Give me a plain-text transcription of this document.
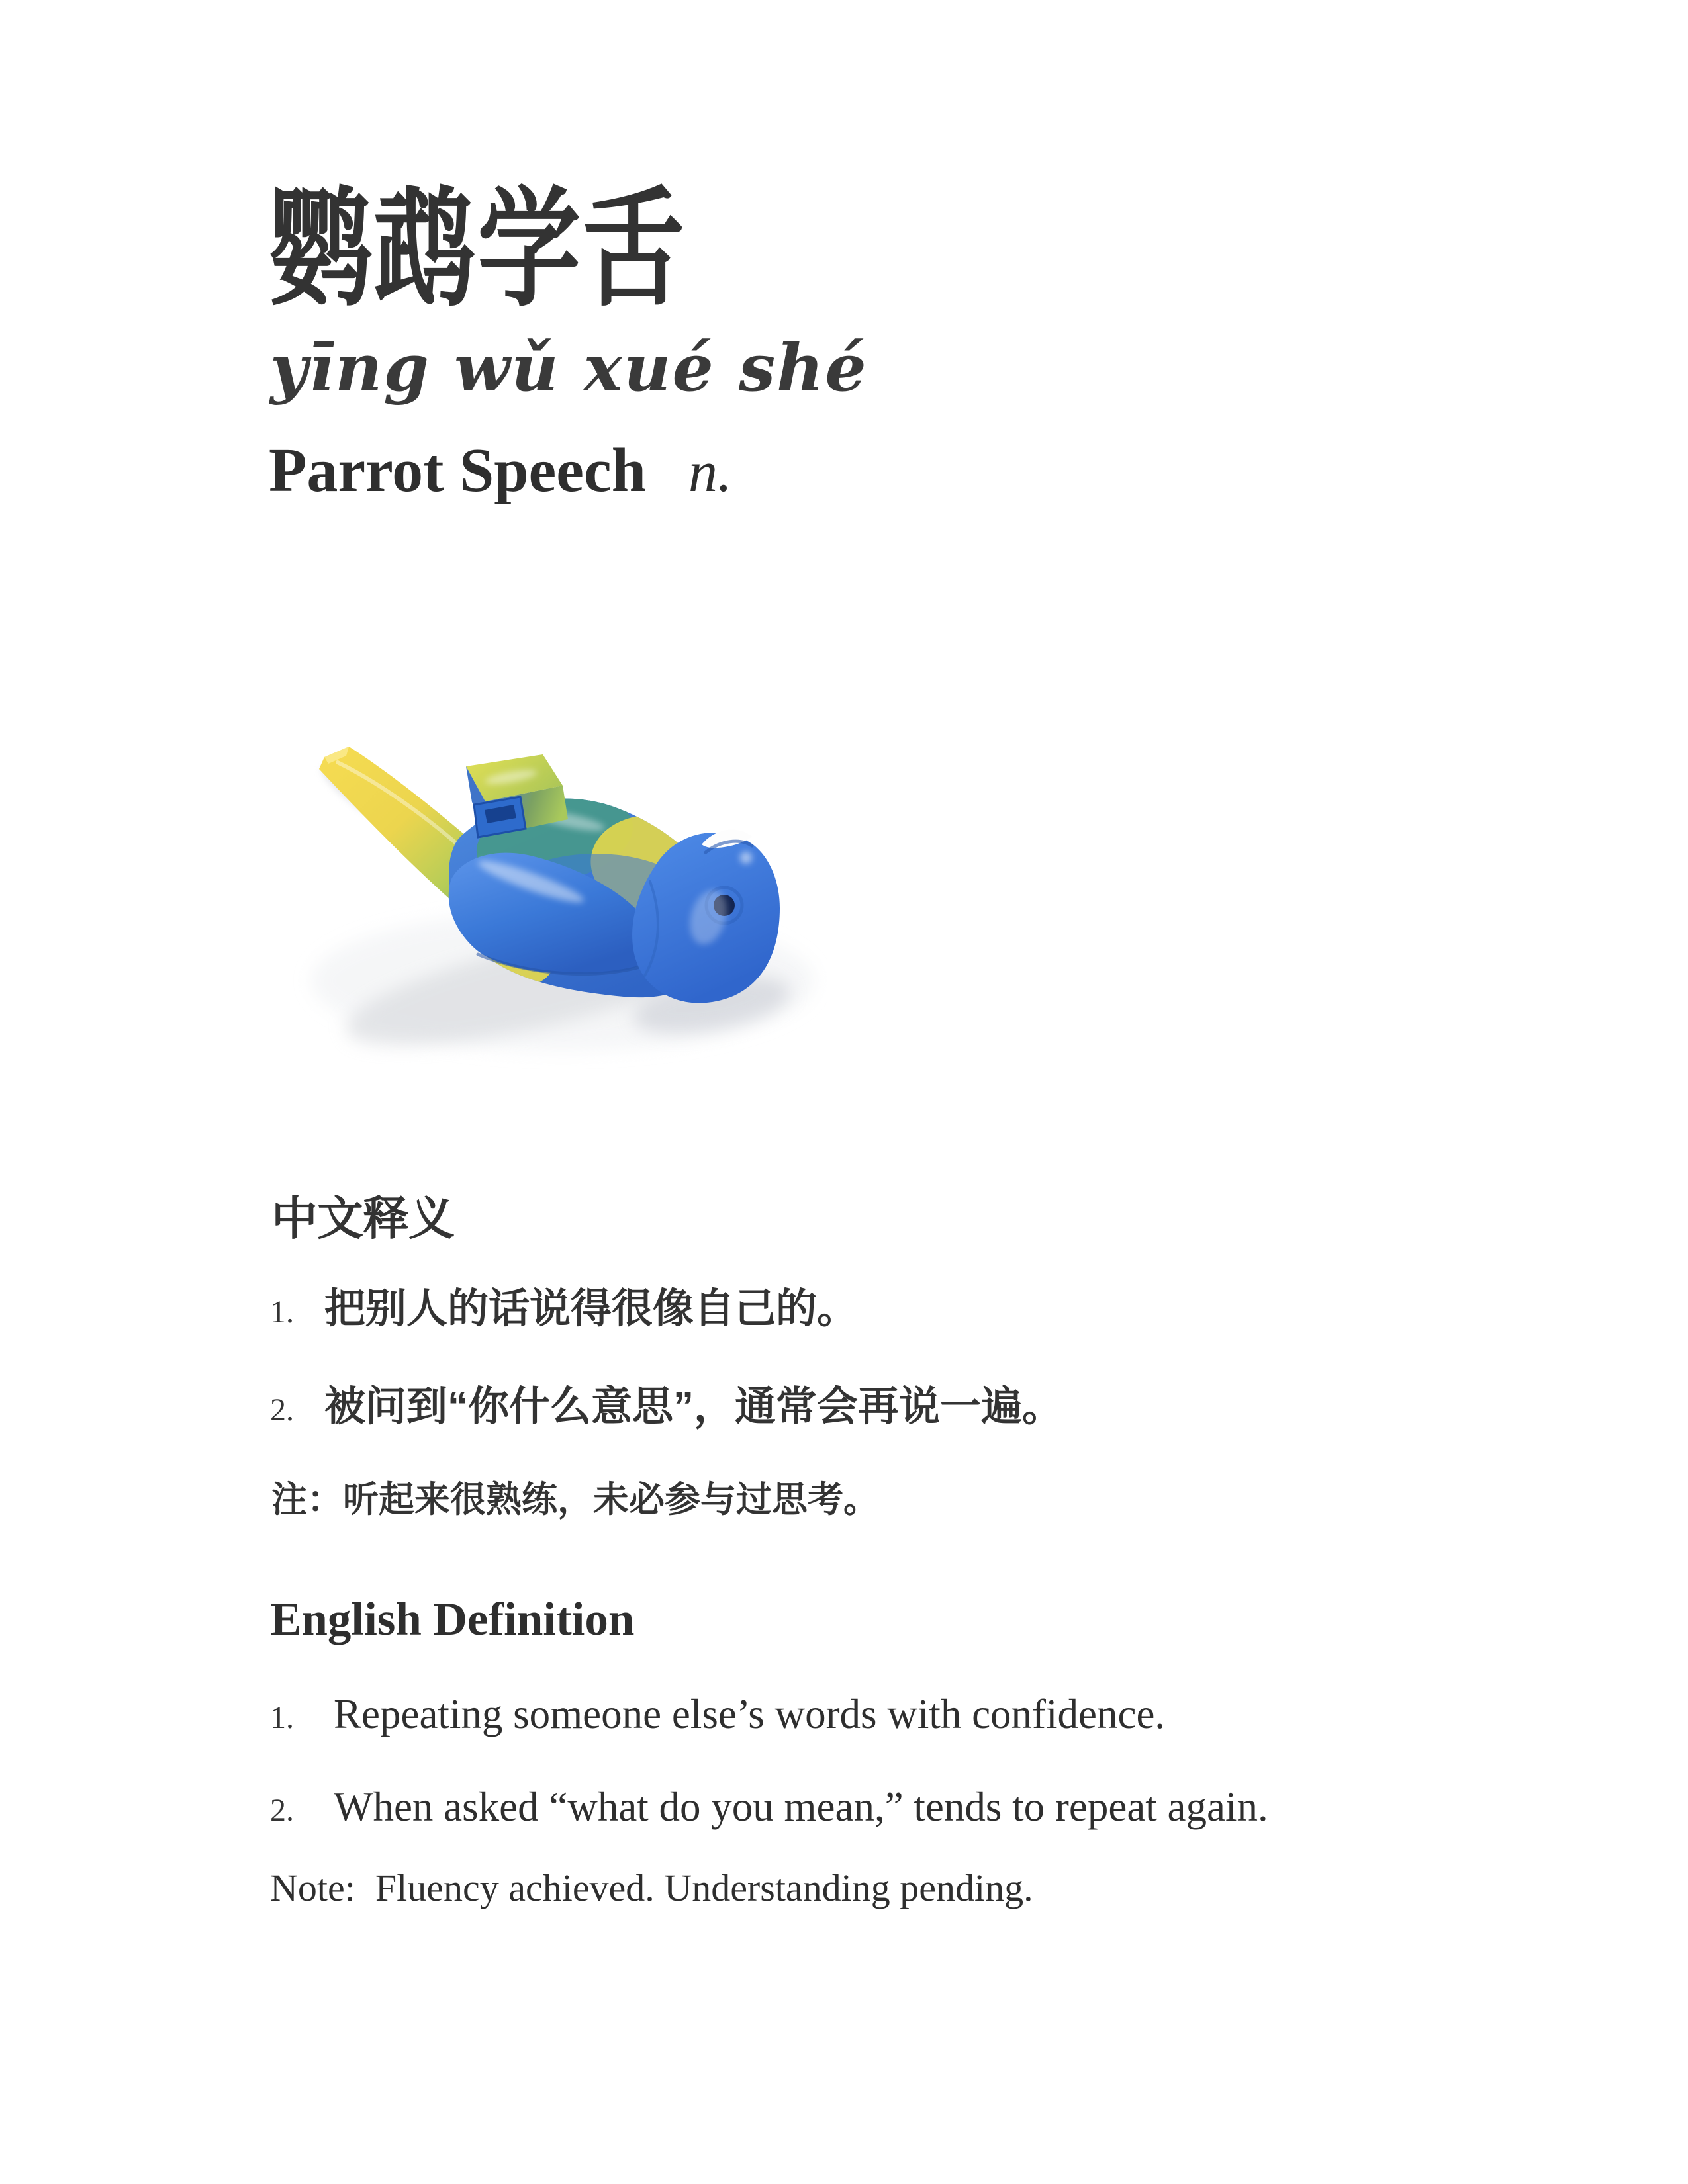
鹦鹉学舌
yīng wǔ xué shé
Parrot Speech n.
中文释义
1. 把别人的话说得很像自己的。
2. 被问到“你什么意思”，通常会再说一遍。
注： 听起来很熟练，未必参与过思考。
English Definition
1. Repeating someone else’s words with confidence.
2. When asked “what do you mean,” tends to repeat again.
Note: Fluency achieved. Understanding pending.
